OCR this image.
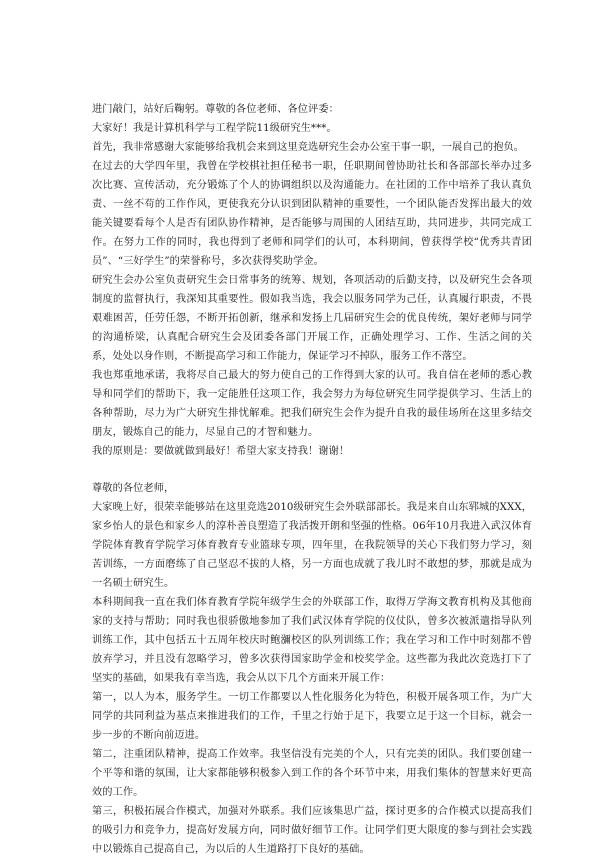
进门敲门，站好后鞠躬。尊敬的各位老师、各位评委：

大家好！我是计算机科学与工程学院11级研究生***。

首先，我非常感谢大家能够给我机会来到这里竞选研究生会办公室干事一职，一展自己的抱负。

在过去的大学四年里，我曾在学校棋社担任秘书一职，任职期间曾协助社长和各部部长举办过多次比赛、宣传活动，充分锻炼了个人的协调组织以及沟通能力。在社团的工作中培养了我认真负责、一丝不苟的工作作风，更使我充分认识到团队精神的重要性，一个团队能否发挥出最大的效能关键要看每个人是否有团队协作精神，是否能够与周围的人团结互助，共同进步，共同完成工作。在努力工作的同时，我也得到了老师和同学们的认可，本科期间，曾获得学校“优秀共青团员”、“三好学生”的荣誉称号，多次获得奖助学金。

研究生会办公室负责研究生会日常事务的统筹、规划，各项活动的后勤支持，以及研究生会各项制度的监督执行，我深知其重要性。假如我当选，我会以服务同学为己任，认真履行职责，不畏艰难困苦，任劳任怨，不断开拓创新，继承和发扬上几届研究生会的优良传统，架好老师与同学的沟通桥梁，认真配合研究生会及团委各部门开展工作，正确处理学习、工作、生活之间的关系，处处以身作则，不断提高学习和工作能力，保证学习不掉队，服务工作不落空。

我也郑重地承诺，我将尽自己最大的努力使自己的工作得到大家的认可。我自信在老师的悉心教导和同学们的帮助下，我一定能胜任这项工作，我会努力为每位研究生同学提供学习、生活上的各种帮助，尽力为广大研究生排忧解难。把我们研究生会作为提升自我的最佳场所在这里多结交朋友，锻炼自己的能力，尽显自己的才智和魅力。

我的原则是：要做就做到最好！希望大家支持我！谢谢！

尊敬的各位老师，

大家晚上好，很荣幸能够站在这里竞选2010级研究生会外联部部长。我是来自山东郓城的XXX，家乡怡人的景色和家乡人的淳朴善良塑造了我活拨开朗和坚强的性格。06年10月我进入武汉体育学院体育教育学院学习体育教育专业篮球专项，四年里，在我院领导的关心下我们努力学习，刻苦训练，一方面磨练了自己坚忍不拔的人格，另一方面也成就了我儿时不敢想的梦，那就是成为一名硕士研究生。

本科期间我一直在我们体育教育学院年级学生会的外联部工作，取得万学海文教育机构及其他商家的支持与帮助；同时我也很骄傲地参加了我们武汉体育学院的仪仗队，曾多次被派遣指导队列训练工作，其中包括五十五周年校庆时鲍瀰校区的队列训练工作；我在学习和工作中时刻都不曾放弃学习，并且没有忽略学习，曾多次获得国家助学金和校奖学金。这些都为我此次竞选打下了坚实的基础，如果我有幸当选，我会从以下几个方面来开展工作：

第一，以人为本，服务学生。一切工作都要以人性化服务化为特色，积极开展各项工作，为广大同学的共同利益为基点来推进我们的工作，千里之行始于足下，我要立足于这一个目标，就会一步一步的不断向前迈进。

第二，注重团队精神，提高工作效率。我坚信没有完美的个人，只有完美的团队。我们要创建一个平等和谐的氛围，让大家都能够积极参入到工作的各个环节中来，用我们集体的智慧来好更高效的工作。

第三，积极拓展合作模式，加强对外联系。我们应该集思广益，探讨更多的合作模式以提高我们的吸引力和竞争力，提高好发展方向，同时做好细节工作。让同学们更大限度的参与到社会实践中以锻炼自己提高自己，为以后的人生道路打下良好的基础。
